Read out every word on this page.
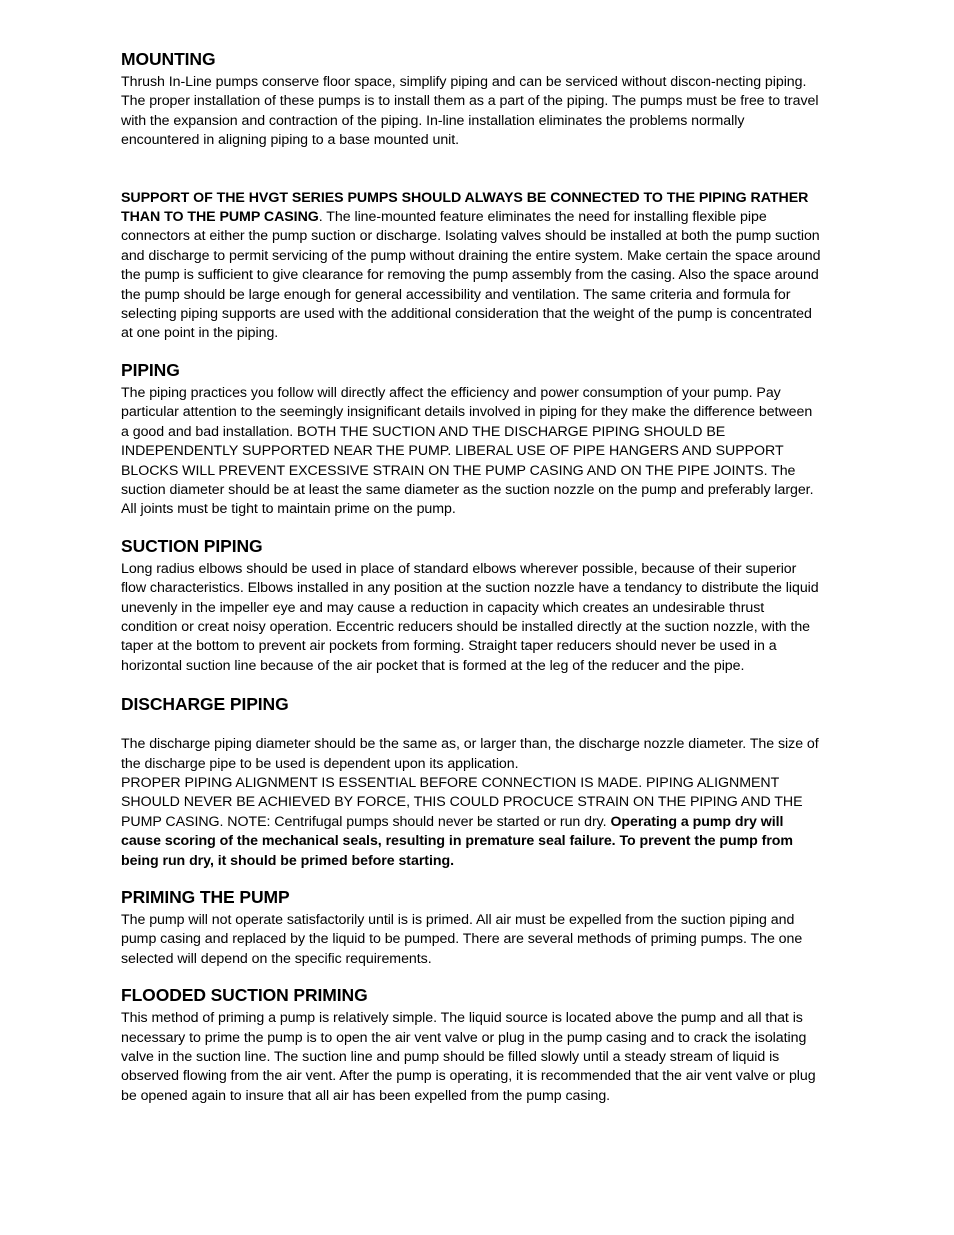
MOUNTING

Thrush In-Line pumps conserve floor space, simplify piping and can be serviced without discon-necting piping. The proper installation of these pumps is to install them as a part of the piping. The pumps must be free to travel with the expansion and contraction of the piping. In-line installation eliminates the problems normally encountered in aligning piping to a base mounted unit.

SUPPORT OF THE HVGT SERIES PUMPS SHOULD ALWAYS BE CONNECTED TO THE PIPING RATHER THAN TO THE PUMP CASING. The line-mounted feature eliminates the need for installing flexible pipe connectors at either the pump suction or discharge. Isolating valves should be installed at both the pump suction and discharge to permit servicing of the pump without draining the entire system. Make certain the space around the pump is sufficient to give clearance for removing the pump assembly from the casing. Also the space around the pump should be large enough for general accessibility and ventilation. The same criteria and formula for selecting piping supports are used with the additional consideration that the weight of the pump is concentrated at one point in the piping.

PIPING

The piping practices you follow will directly affect the efficiency and power consumption of your pump. Pay particular attention to the seemingly insignificant details involved in piping for they make the difference between a good and bad installation. BOTH THE SUCTION AND THE DISCHARGE PIPING SHOULD BE INDEPENDENTLY SUPPORTED NEAR THE PUMP. LIBERAL USE OF PIPE HANGERS AND SUPPORT BLOCKS WILL PREVENT EXCESSIVE STRAIN ON THE PUMP CASING AND ON THE PIPE JOINTS. The suction diameter should be at least the same diameter as the suction nozzle on the pump and preferably larger. All joints must be tight to maintain prime on the pump.

SUCTION PIPING

Long radius elbows should be used in place of standard elbows wherever possible, because of their superior flow characteristics. Elbows installed in any position at the suction nozzle have a tendancy to distribute the liquid unevenly in the impeller eye and may cause a reduction in capacity which creates an undesirable thrust condition or creat noisy operation. Eccentric reducers should be installed directly at the suction nozzle, with the taper at the bottom to prevent air pockets from forming. Straight taper reducers should never be used in a horizontal suction line because of the air pocket that is formed at the leg of the reducer and the pipe.

DISCHARGE PIPING

The discharge piping diameter should be the same as, or larger than, the discharge nozzle diameter. The size of the discharge pipe to be used is dependent upon its application.

PROPER PIPING ALIGNMENT IS ESSENTIAL BEFORE CONNECTION IS MADE. PIPING ALIGNMENT SHOULD NEVER BE ACHIEVED BY FORCE, THIS COULD PROCUCE STRAIN ON THE PIPING AND THE PUMP CASING. NOTE: Centrifugal pumps should never be started or run dry. Operating a pump dry will cause scoring of the mechanical seals, resulting in premature seal failure. To prevent the pump from being run dry, it should be primed before starting.

PRIMING THE PUMP

The pump will not operate satisfactorily until is is primed. All air must be expelled from the suction piping and pump casing and replaced by the liquid to be pumped. There are several methods of priming pumps. The one selected will depend on the specific requirements.

FLOODED SUCTION PRIMING

This method of priming a pump is relatively simple. The liquid source is located above the pump and all that is necessary to prime the pump is to open the air vent valve or plug in the pump casing and to crack the isolating valve in the suction line. The suction line and pump should be filled slowly until a steady stream of liquid is observed flowing from the air vent. After the pump is operating, it is recommended that the air vent valve or plug be opened again to insure that all air has been expelled from the pump casing.
